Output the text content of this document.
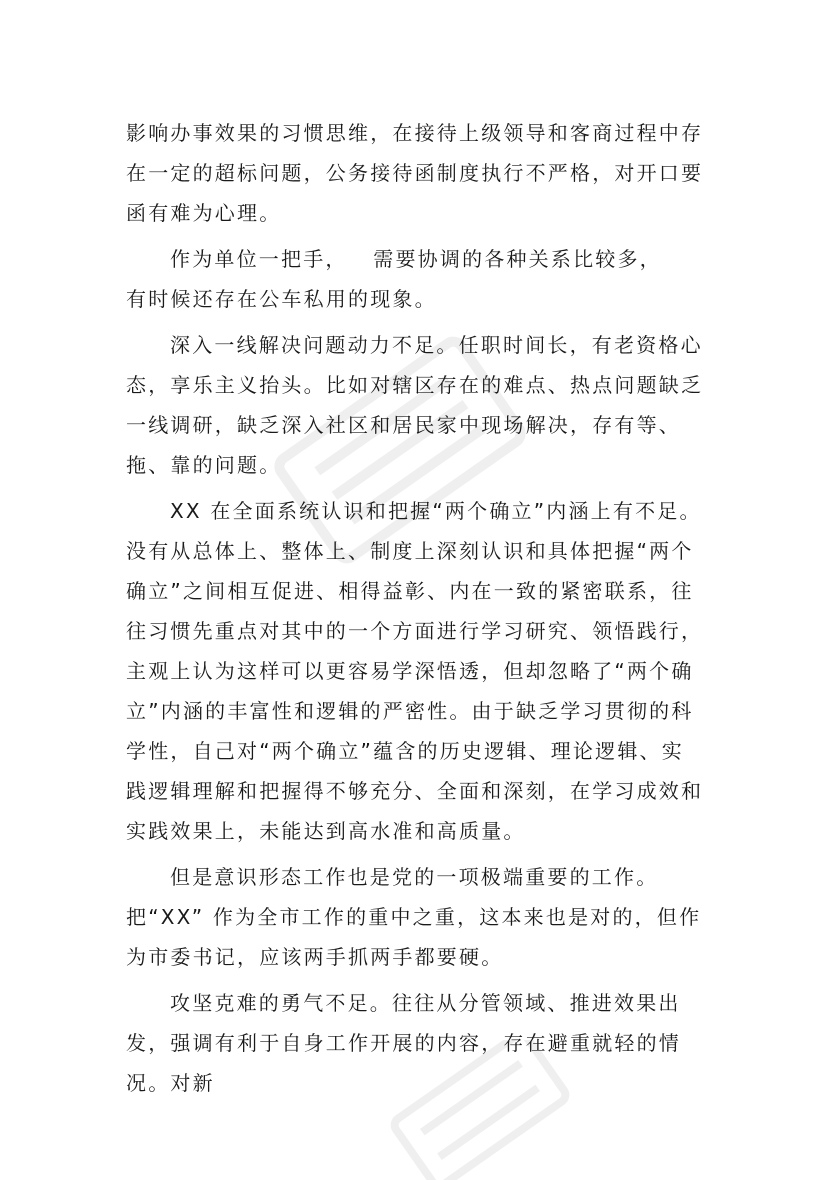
影响办事效果的习惯思维，在接待上级领导和客商过程中存在一定的超标问题，公务接待函制度执行不严格，对开口要函有难为心理。

作为单位一把手，   需要协调的各种关系比较多，    有时候还存在公车私用的现象。

深入一线解决问题动力不足。任职时间长，有老资格心态，享乐主义抬头。比如对辖区存在的难点、热点问题缺乏一线调研，缺乏深入社区和居民家中现场解决，存有等、拖、靠的问题。

XX 在全面系统认识和把握“两个确立”内涵上有不足。没有从总体上、整体上、制度上深刻认识和具体把握“两个确立”之间相互促进、相得益彰、内在一致的紧密联系，往往习惯先重点对其中的一个方面进行学习研究、领悟践行，主观上认为这样可以更容易学深悟透，但却忽略了“两个确立”内涵的丰富性和逻辑的严密性。由于缺乏学习贯彻的科学性，自己对“两个确立”蕴含的历史逻辑、理论逻辑、实践逻辑理解和把握得不够充分、全面和深刻，在学习成效和实践效果上，未能达到高水准和高质量。

但是意识形态工作也是党的一项极端重要的工作。把“XX” 作为全市工作的重中之重，这本来也是对的，但作为市委书记，应该两手抓两手都要硬。

攻坚克难的勇气不足。往往从分管领域、推进效果出发，强调有利于自身工作开展的内容，存在避重就轻的情况。对新
